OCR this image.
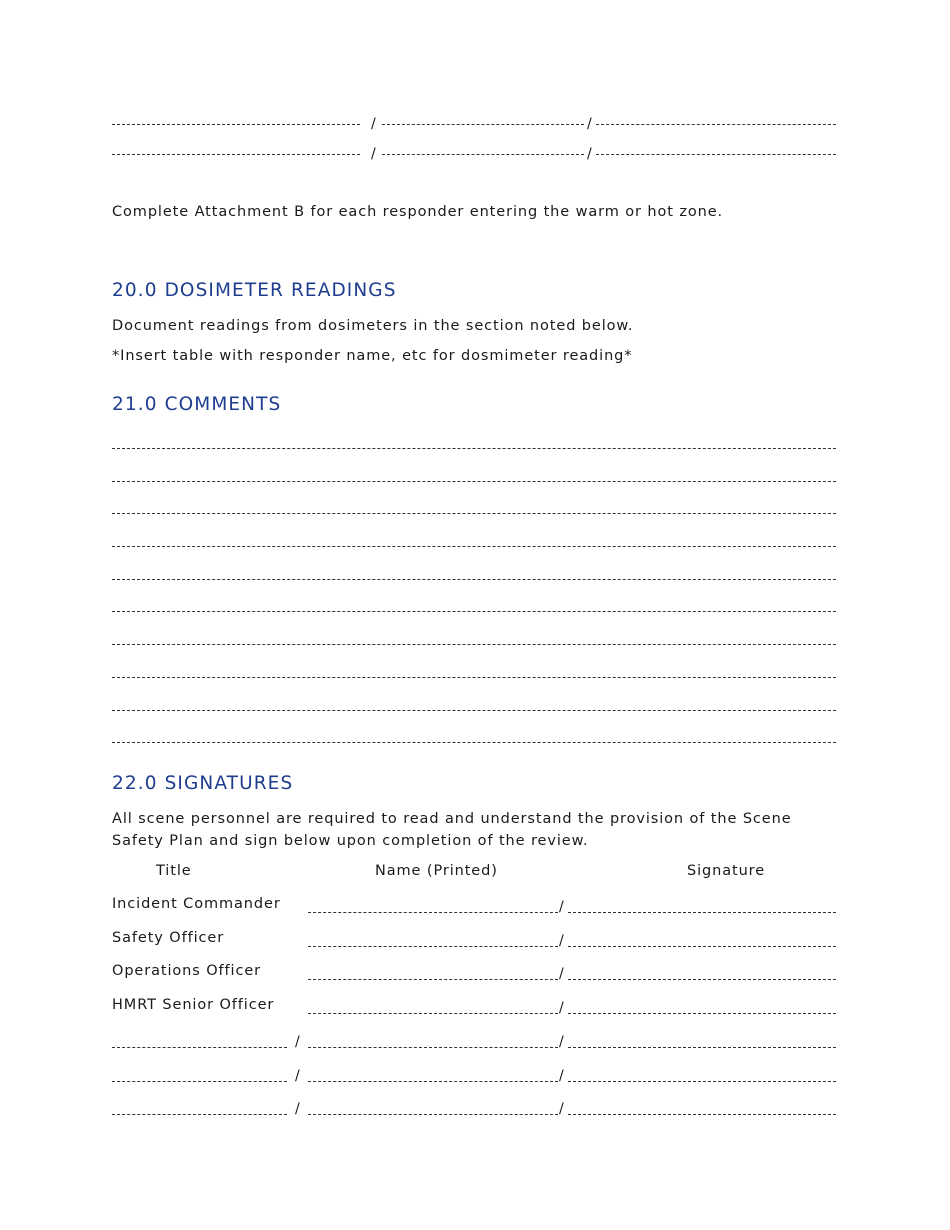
/	/
/	/
Complete Attachment B for each responder entering the warm or hot zone.
20.0 DOSIMETER READINGS
Document readings from dosimeters in the section noted below.
*Insert table with responder name, etc for dosmimeter reading*
21.0 COMMENTS
22.0 SIGNATURES
All scene personnel are required to read and understand the provision of the Scene Safety Plan and sign below upon completion of the review.
Title	Name (Printed)	Signature
Incident Commander	/
Safety Officer	/
Operations Officer	/
HMRT Senior Officer	/
/	/
/	/
/	/
